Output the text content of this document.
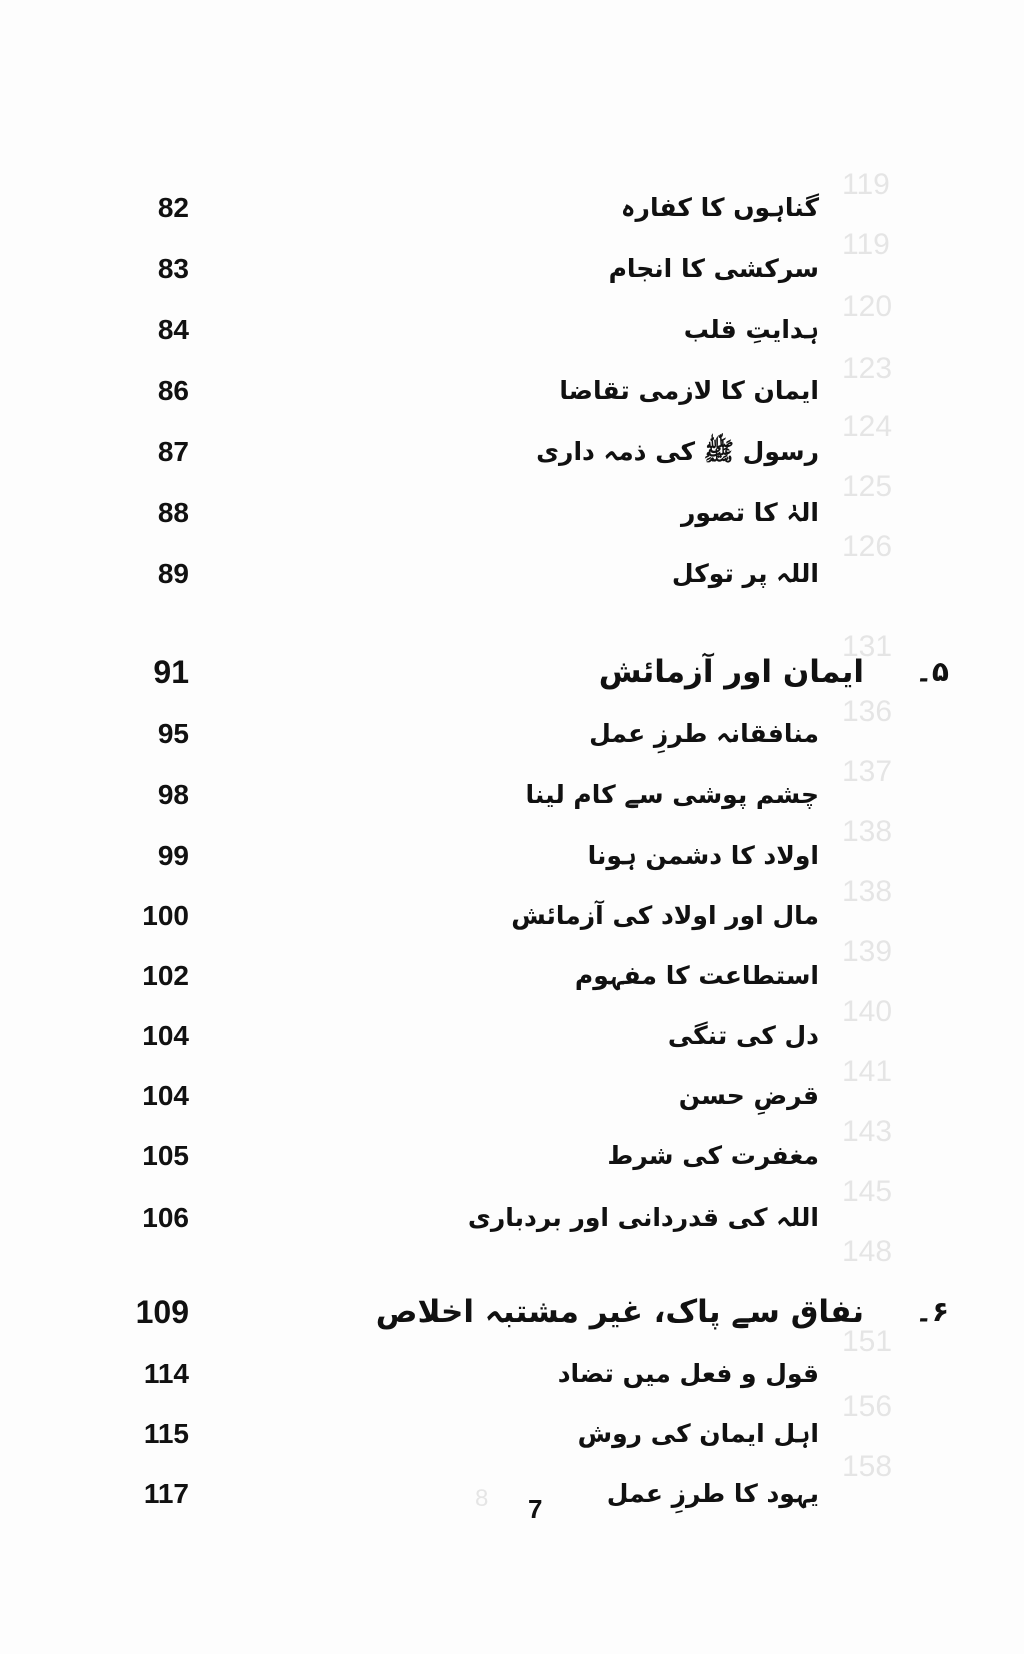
119
119
120
123
124
125
126
131
136
137
138
138
139
140
141
143
145
148
151
156
158
8
گناہوں کا کفارہ
82
سرکشی کا انجام
83
ہدایتِ قلب
84
ایمان کا لازمی تقاضا
86
رسول ﷺ کی ذمہ داری
87
الہٰ کا تصور
88
اللہ پر توکل
89
۵۔
ایمان اور آزمائش
91
منافقانہ طرزِ عمل
95
چشم پوشی سے کام لینا
98
اولاد کا دشمن ہونا
99
مال اور اولاد کی آزمائش
100
استطاعت کا مفہوم
102
دل کی تنگی
104
قرضِ حسن
104
مغفرت کی شرط
105
اللہ کی قدردانی اور بردباری
106
۶۔
نفاق سے پاک، غیر مشتبہ اخلاص
109
قول و فعل میں تضاد
114
اہل ایمان کی روش
115
یہود کا طرزِ عمل
117	7
